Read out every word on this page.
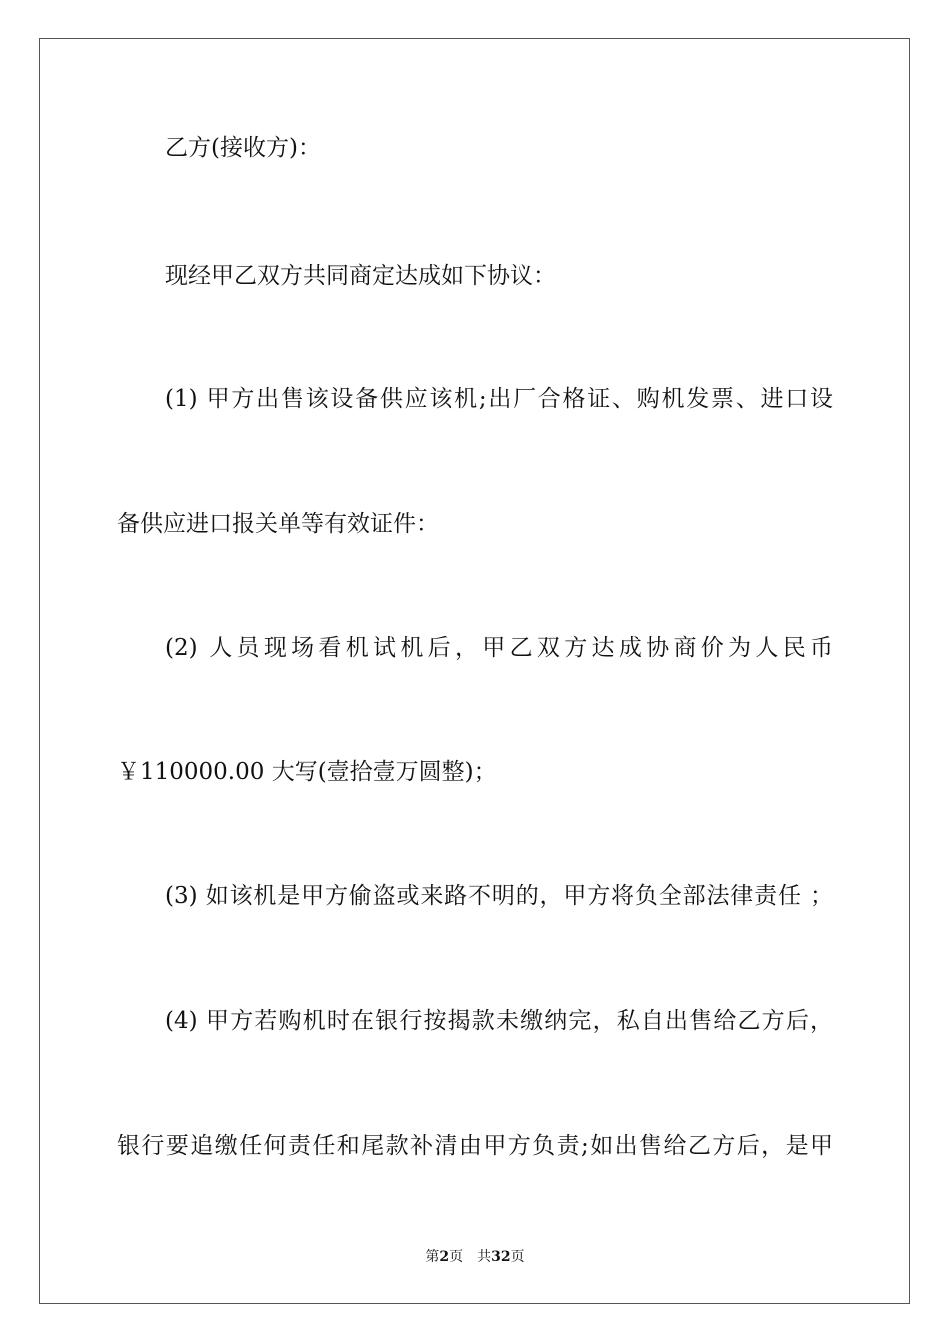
乙方(接收方)：
现经甲乙双方共同商定达成如下协议：
(1) 甲方出售该设备供应该机;出厂合格证、购机发票、进口设
备供应进口报关单等有效证件：
(2) 人员现场看机试机后，甲乙双方达成协商价为人民币
￥110000.00 大写(壹拾壹万圆整)；
(3) 如该机是甲方偷盗或来路不明的，甲方将负全部法律责任 ；
(4) 甲方若购机时在银行按揭款未缴纳完，私自出售给乙方后，
银行要追缴任何责任和尾款补清由甲方负责;如出售给乙方后，是甲
第2页 共32页
